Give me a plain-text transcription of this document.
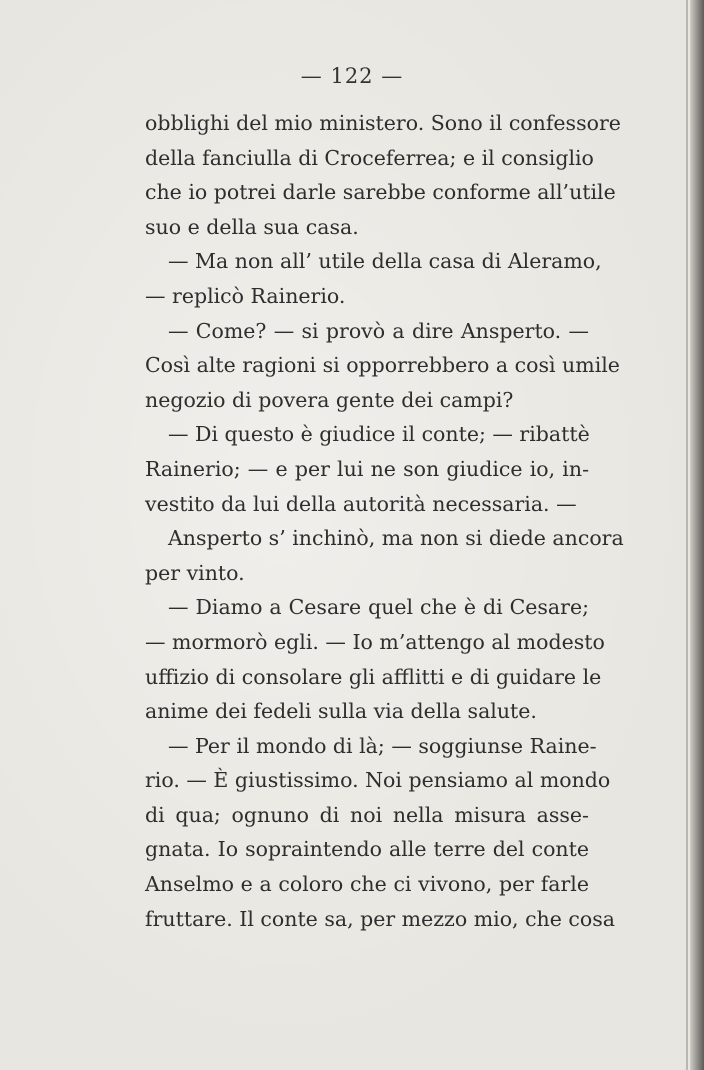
— 122 —
obblighi del mio ministero. Sono il confessore
della fanciulla di Croceferrea; e il consiglio
che io potrei darle sarebbe conforme all’utile
suo e della sua casa.
— Ma non all’ utile della casa di Aleramo,
— replicò Rainerio.
— Come? — si provò a dire Ansperto. —
Così alte ragioni si opporrebbero a così umile
negozio di povera gente dei campi?
— Di questo è giudice il conte; — ribattè
Rainerio; — e per lui ne son giudice io, in-
vestito da lui della autorità necessaria. —
Ansperto s’ inchinò, ma non si diede ancora
per vinto.
— Diamo a Cesare quel che è di Cesare;
— mormorò egli. — Io m’attengo al modesto
uffizio di consolare gli afflitti e di guidare le
anime dei fedeli sulla via della salute.
— Per il mondo di là; — soggiunse Raine-
rio. — È giustissimo. Noi pensiamo al mondo
di qua; ognuno di noi nella misura asse-
gnata. Io sopraintendo alle terre del conte
Anselmo e a coloro che ci vivono, per farle
fruttare. Il conte sa, per mezzo mio, che cosa
